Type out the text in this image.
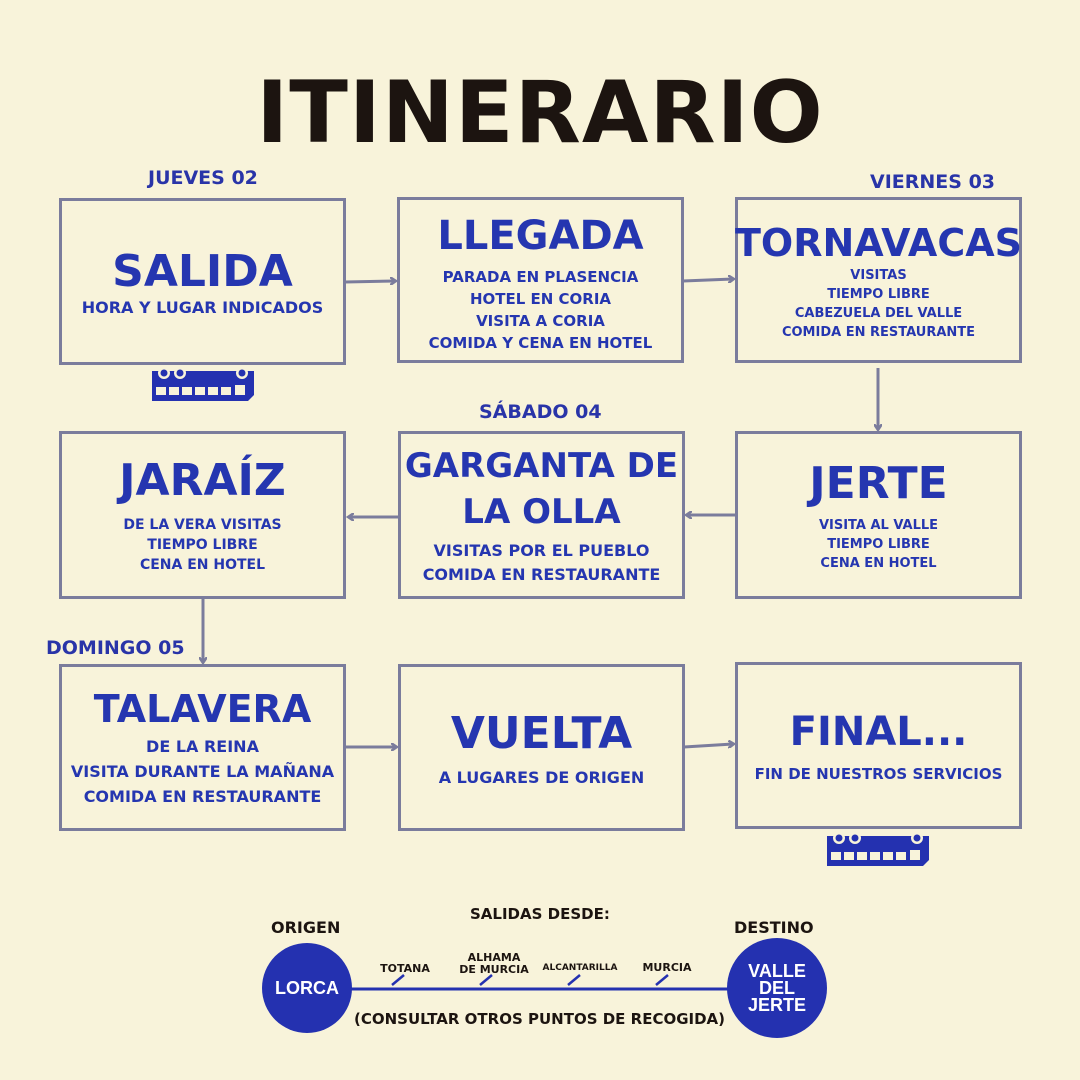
ITINERARIO
JUEVES 02	VIERNES 03
SÁBADO 04
DOMINGO 05
SALIDA
HORA Y LUGAR INDICADOS
LLEGADA
PARADA EN PLASENCIA
HOTEL EN CORIA
VISITA A CORIA
COMIDA Y CENA EN HOTEL
TORNAVACAS
VISITAS
TIEMPO LIBRE
CABEZUELA DEL VALLE
COMIDA EN RESTAURANTE
JARAÍZ
DE LA VERA VISITAS
TIEMPO LIBRE
CENA EN HOTEL
GARGANTA DE
LA OLLA
VISITAS POR EL PUEBLO
COMIDA EN RESTAURANTE
JERTE
VISITA AL VALLE
TIEMPO LIBRE
CENA EN HOTEL
TALAVERA
DE LA REINA
VISITA DURANTE LA MAÑANA
COMIDA EN RESTAURANTE
VUELTA
A LUGARES DE ORIGEN
FINAL...
FIN DE NUESTROS SERVICIOS
SALIDAS DESDE:
ORIGEN	DESTINO
TOTANA
ALHAMA
DE MURCIA	ALCANTARILLA	MURCIA
LORCA
VALLE
DEL
JERTE
(CONSULTAR OTROS PUNTOS DE RECOGIDA)
